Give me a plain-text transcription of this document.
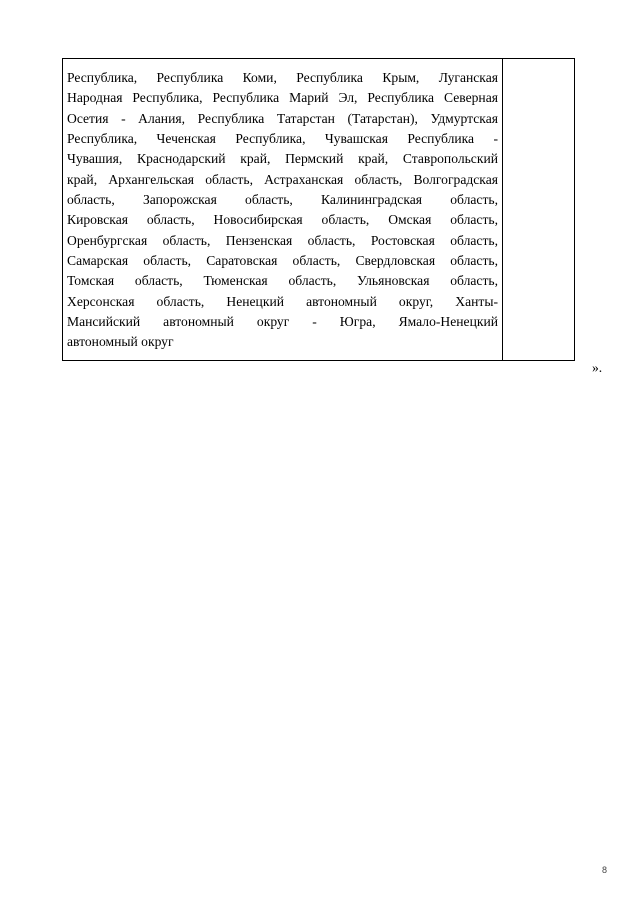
Республика, Республика Коми, Республика Крым, Луганская
Народная Республика, Республика Марий Эл, Республика Северная
Осетия - Алания, Республика Татарстан (Татарстан), Удмуртская
Республика, Чеченская Республика, Чувашская Республика -
Чувашия, Краснодарский край, Пермский край, Ставропольский
край, Архангельская область, Астраханская область, Волгоградская
область, Запорожская область, Калининградская область,
Кировская область, Новосибирская область, Омская область,
Оренбургская область, Пензенская область, Ростовская область,
Самарская область, Саратовская область, Свердловская область,
Томская область, Тюменская область, Ульяновская область,
Херсонская область, Ненецкий автономный округ, Ханты-
Мансийский автономный округ - Югра, Ямало-Ненецкий
автономный округ
».
8
